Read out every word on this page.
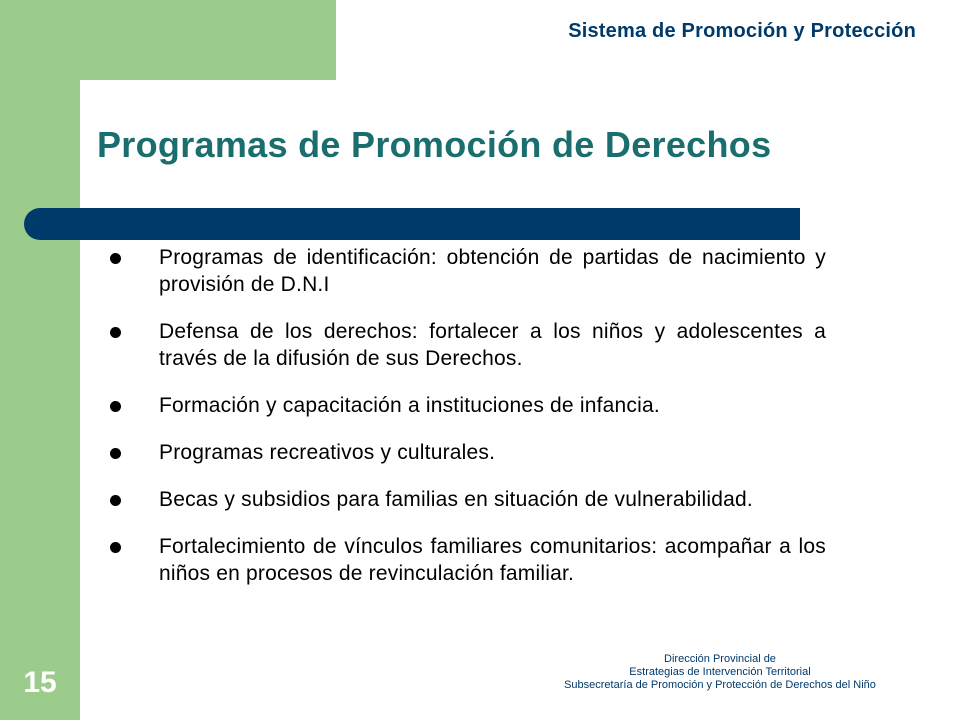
Sistema de Promoción y Protección
Programas de Promoción de Derechos
Programas de identificación: obtención de partidas de nacimiento y provisión de D.N.I
Defensa de los derechos: fortalecer a los niños y adolescentes a través de la difusión de sus Derechos.
Formación y capacitación a instituciones de infancia.
Programas recreativos y culturales.
Becas y subsidios para familias en situación de vulnerabilidad.
Fortalecimiento de vínculos familiares comunitarios: acompañar a los niños en procesos de revinculación familiar.
15
Dirección Provincial de
Estrategias de Intervención Territorial
Subsecretaría de Promoción y Protección de Derechos del Niño
